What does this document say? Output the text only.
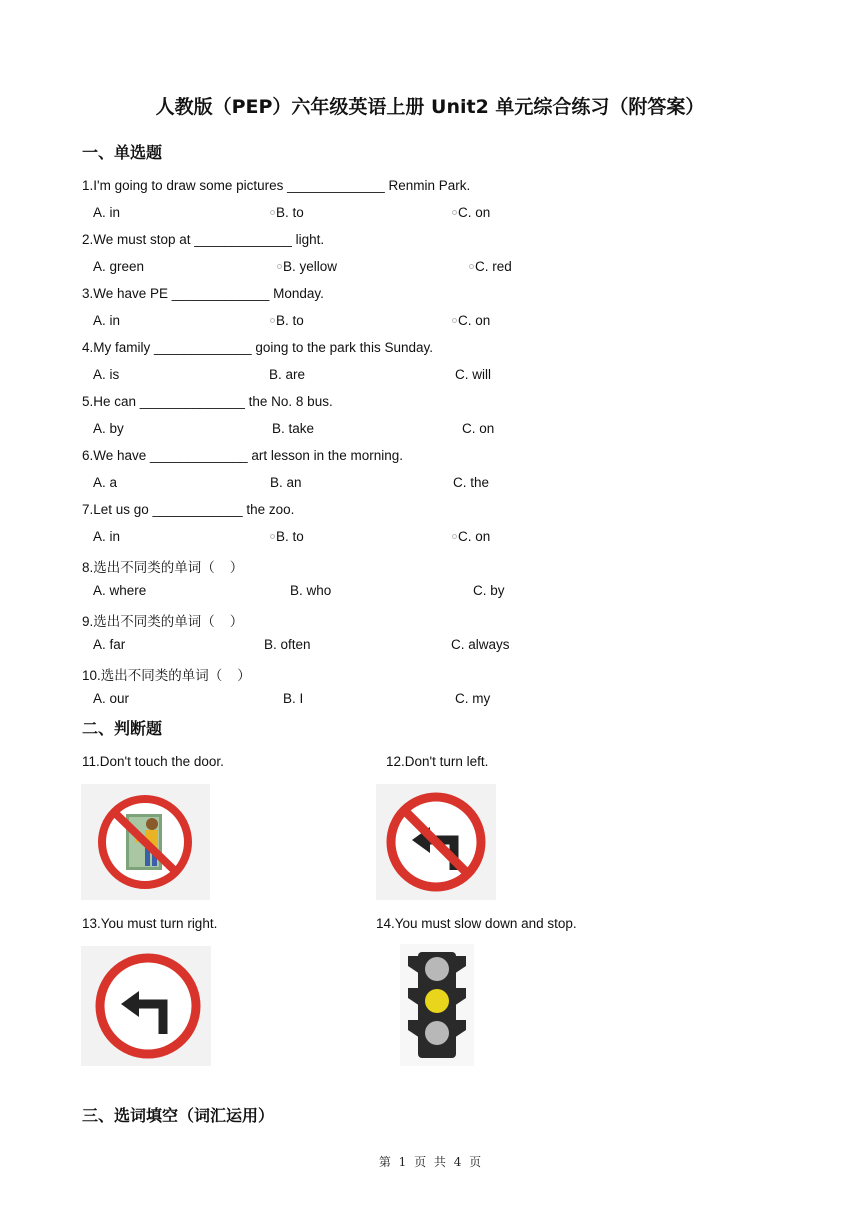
人教版（PEP）六年级英语上册 Unit2 单元综合练习（附答案）
一、单选题
1.I'm going to draw some pictures _____________ Renmin Park.
A. in	B. to	C. on
2.We must stop at _____________ light.
A. green	B. yellow	C. red
3.We have PE _____________ Monday.
A. in	B. to	C. on
4.My family _____________ going to the park this Sunday.
A. is	B. are	C. will
5.He can ______________ the No. 8 bus.
A. by	B. take	C. on
6.We have _____________ art lesson in the morning.
A. a	B. an	C. the
7.Let us go ____________ the zoo.
A. in	B. to	C. on
8.选出不同类的单词（    ）
A. where	B. who	C. by
9.选出不同类的单词（    ）
A. far	B. often	C. always
10.选出不同类的单词（    ）
A. our	B. I	C. my
二、判断题
11.Don't touch the door.	12.Don't turn left.
13.You must turn right.	14.You must slow down and stop.
三、选词填空（词汇运用）
第 1 页 共 4 页
